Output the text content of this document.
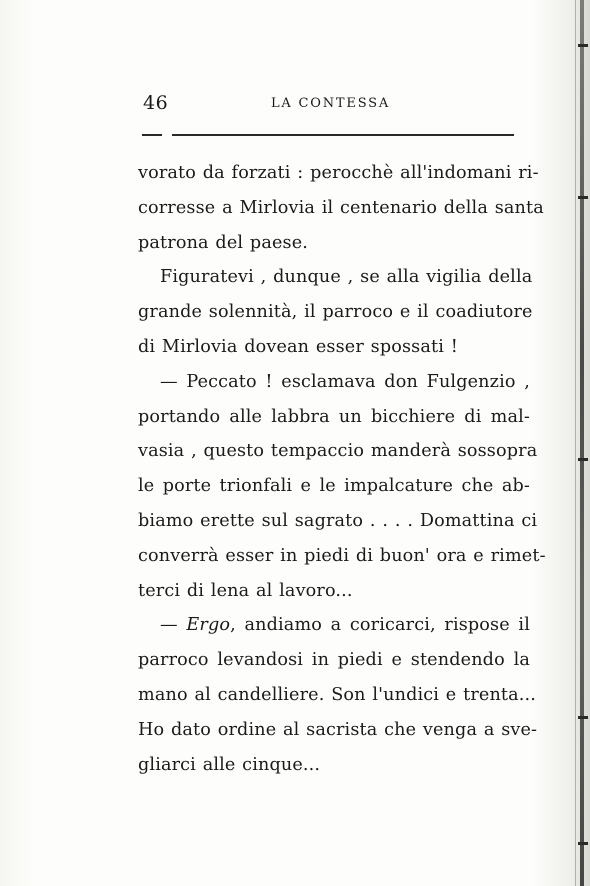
46	LA CONTESSA
vorato da forzati : perocchè all'indomani ri-
corresse a Mirlovia il centenario della santa
patrona del paese.
Figuratevi , dunque , se alla vigilia della
grande solennità, il parroco e il coadiutore
di Mirlovia dovean esser spossati !
— Peccato ! esclamava don Fulgenzio ,
portando alle labbra un bicchiere di mal-
vasia , questo tempaccio manderà sossopra
le porte trionfali e le impalcature che ab-
biamo erette sul sagrato . . . . Domattina ci
converrà esser in piedi di buon' ora e rimet-
terci di lena al lavoro...
— Ergo, andiamo a coricarci, rispose il
parroco levandosi in piedi e stendendo la
mano al candelliere. Son l'undici e trenta...
Ho dato ordine al sacrista che venga a sve-
gliarci alle cinque...
